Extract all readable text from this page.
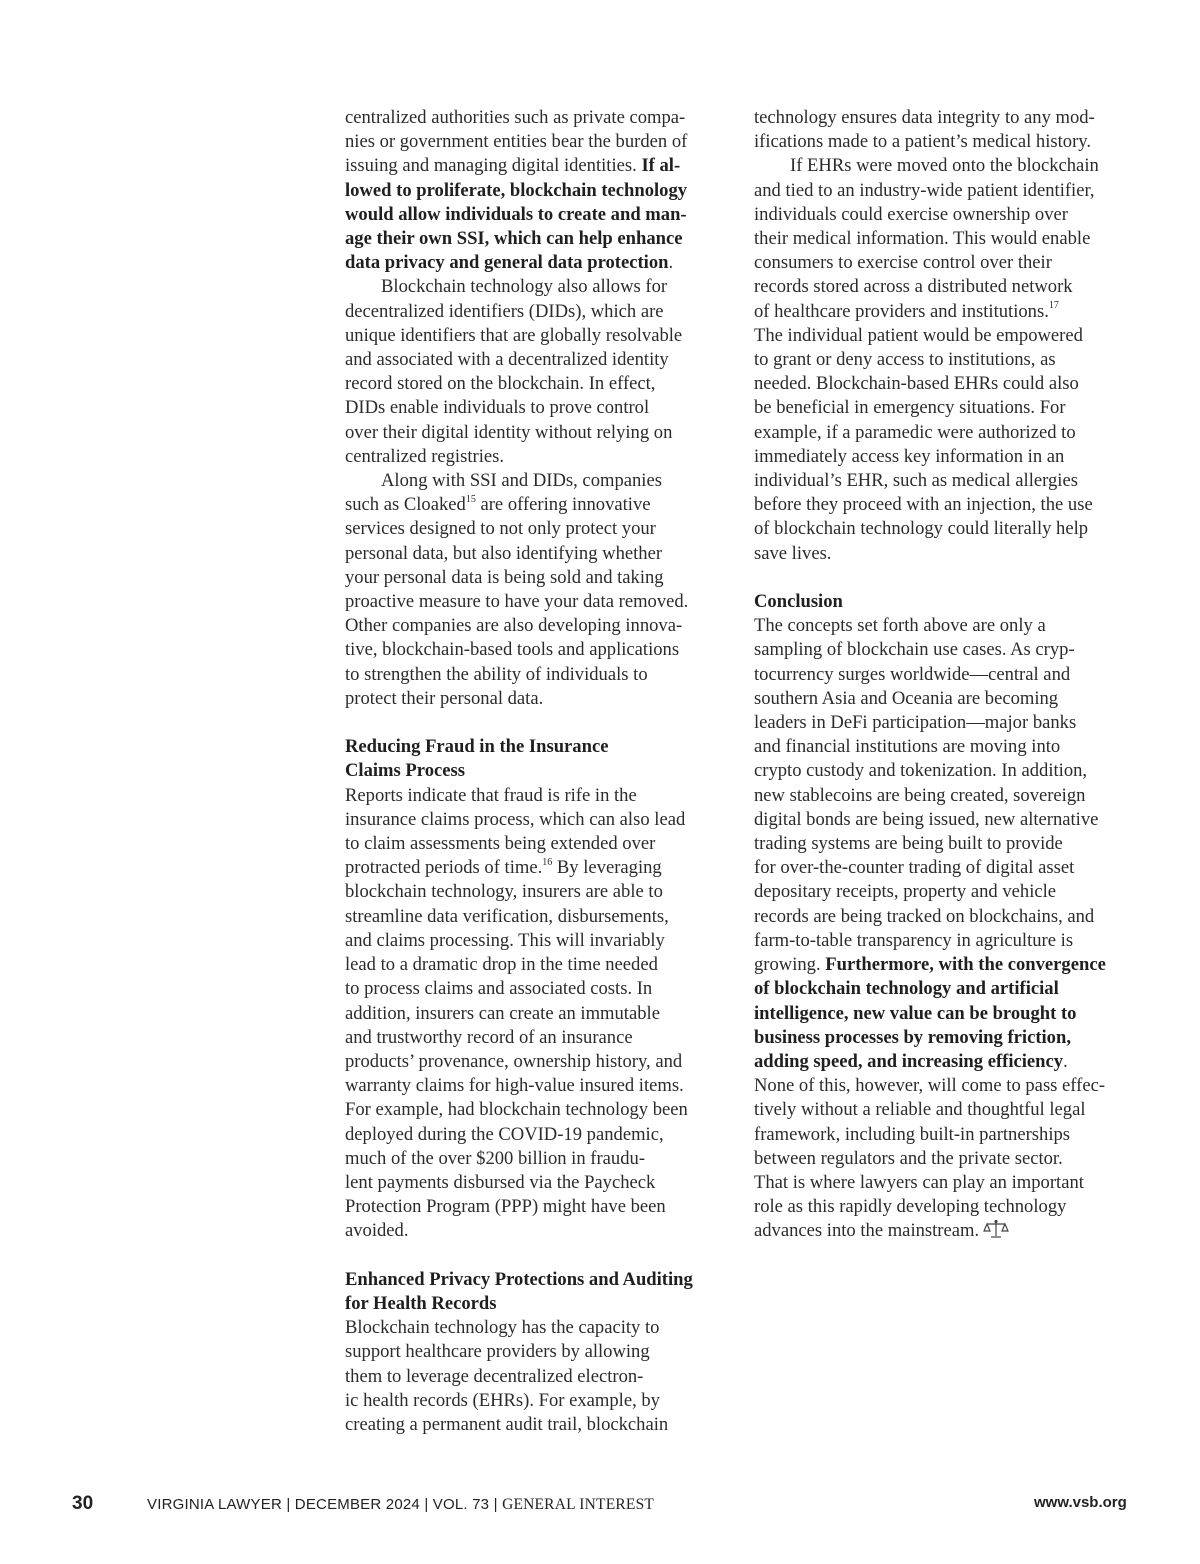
centralized authorities such as private compa-
nies or government entities bear the burden of
issuing and managing digital identities. If al-
lowed to proliferate, blockchain technology
would allow individuals to create and man-
age their own SSI, which can help enhance
data privacy and general data protection.
Blockchain technology also allows for
decentralized identifiers (DIDs), which are
unique identifiers that are globally resolvable
and associated with a decentralized identity
record stored on the blockchain. In effect,
DIDs enable individuals to prove control
over their digital identity without relying on
centralized registries.
Along with SSI and DIDs, companies
such as Cloaked$^{15}$ are offering innovative
services designed to not only protect your
personal data, but also identifying whether
your personal data is being sold and taking
proactive measure to have your data removed.
Other companies are also developing innova-
tive, blockchain-based tools and applications
to strengthen the ability of individuals to
protect their personal data.
Reducing Fraud in the Insurance
Claims Process
Reports indicate that fraud is rife in the
insurance claims process, which can also lead
to claim assessments being extended over
protracted periods of time.$^{16}$ By leveraging
blockchain technology, insurers are able to
streamline data verification, disbursements,
and claims processing. This will invariably
lead to a dramatic drop in the time needed
to process claims and associated costs. In
addition, insurers can create an immutable
and trustworthy record of an insurance
products’ provenance, ownership history, and
warranty claims for high-value insured items.
For example, had blockchain technology been
deployed during the COVID-19 pandemic,
much of the over $200 billion in fraudu-
lent payments disbursed via the Paycheck
Protection Program (PPP) might have been
avoided.
Enhanced Privacy Protections and Auditing
for Health Records
Blockchain technology has the capacity to
support healthcare providers by allowing
them to leverage decentralized electron-
ic health records (EHRs). For example, by
creating a permanent audit trail, blockchain
technology ensures data integrity to any mod-
ifications made to a patient’s medical history.
If EHRs were moved onto the blockchain
and tied to an industry-wide patient identifier,
individuals could exercise ownership over
their medical information. This would enable
consumers to exercise control over their
records stored across a distributed network
of healthcare providers and institutions.$^{17}$
The individual patient would be empowered
to grant or deny access to institutions, as
needed. Blockchain-based EHRs could also
be beneficial in emergency situations. For
example, if a paramedic were authorized to
immediately access key information in an
individual’s EHR, such as medical allergies
before they proceed with an injection, the use
of blockchain technology could literally help
save lives.
Conclusion
The concepts set forth above are only a
sampling of blockchain use cases. As cryp-
tocurrency surges worldwide—central and
southern Asia and Oceania are becoming
leaders in DeFi participation—major banks
and financial institutions are moving into
crypto custody and tokenization. In addition,
new stablecoins are being created, sovereign
digital bonds are being issued, new alternative
trading systems are being built to provide
for over-the-counter trading of digital asset
depositary receipts, property and vehicle
records are being tracked on blockchains, and
farm-to-table transparency in agriculture is
growing. Furthermore, with the convergence
of blockchain technology and artificial
intelligence, new value can be brought to
business processes by removing friction,
adding speed, and increasing efficiency.
None of this, however, will come to pass effec-
tively without a reliable and thoughtful legal
framework, including built-in partnerships
between regulators and the private sector.
That is where lawyers can play an important
role as this rapidly developing technology
advances into the mainstream.
30	VIRGINIA LAWYER | DECEMBER 2024 | VOL. 73 | GENERAL INTEREST	www.vsb.org
